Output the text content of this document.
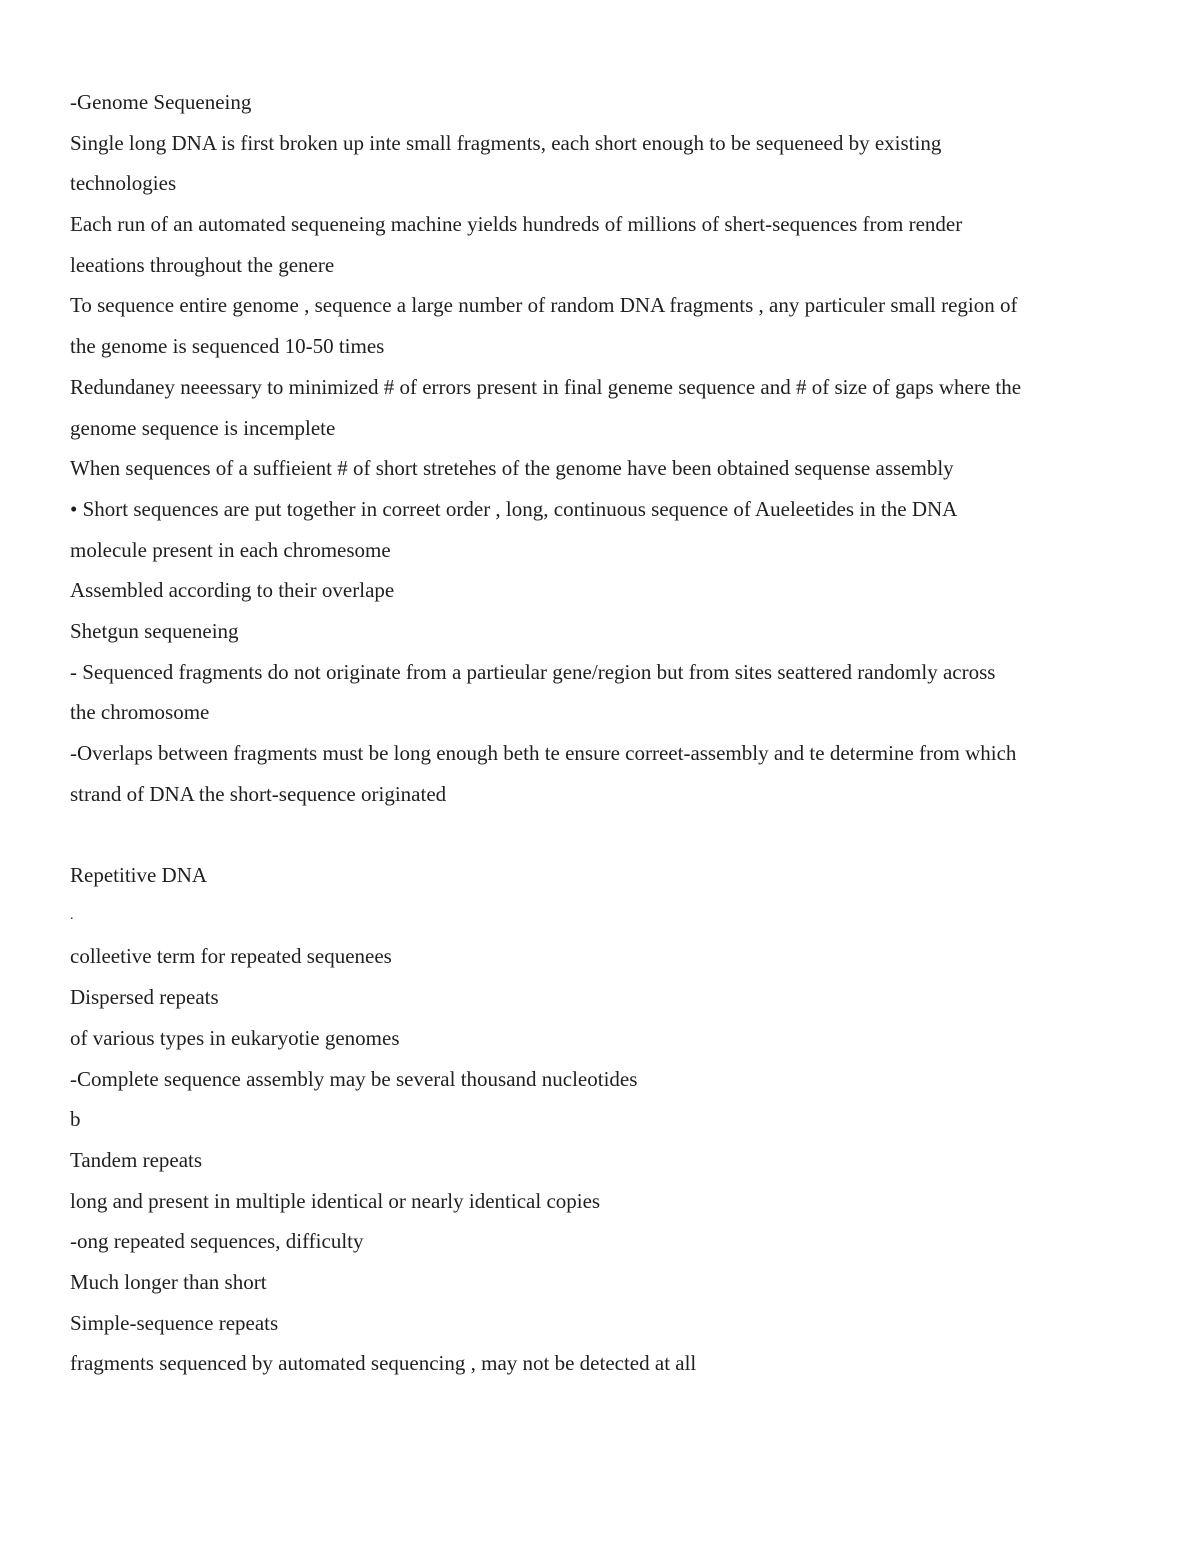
-Genome Sequeneing
Single long DNA is first broken up inte small fragments, each short enough to be sequeneed by existing
technologies
Each run of an automated sequeneing machine yields hundreds of millions of shert-sequences from render
leeations throughout the genere
To sequence entire genome , sequence a large number of random DNA fragments , any particuler small region of
the genome is sequenced 10-50 times
Redundaney neeessary to minimized # of errors present in final geneme sequence and # of size of gaps where the
genome sequence is incemplete
When sequences of a suffieient # of short stretehes of the genome have been obtained sequense assembly
• Short sequences are put together in correet order , long, continuous sequence of Aueleetides in the DNA
molecule present in each chromesome
Assembled according to their overlape
Shetgun sequeneing
- Sequenced fragments do not originate from a partieular gene/region but from sites seattered randomly across
the chromosome
-Overlaps between fragments must be long enough beth te ensure correet-assembly and te determine from which
strand of DNA the short-sequence originated
Repetitive DNA
.
colleetive term for repeated sequenees
Dispersed repeats
of various types in eukaryotie genomes
-Complete sequence assembly may be several thousand nucleotides
b
Tandem repeats
long and present in multiple identical or nearly identical copies
-ong repeated sequences, difficulty
Much longer than short
Simple-sequence repeats
fragments sequenced by automated sequencing , may not be detected at all
